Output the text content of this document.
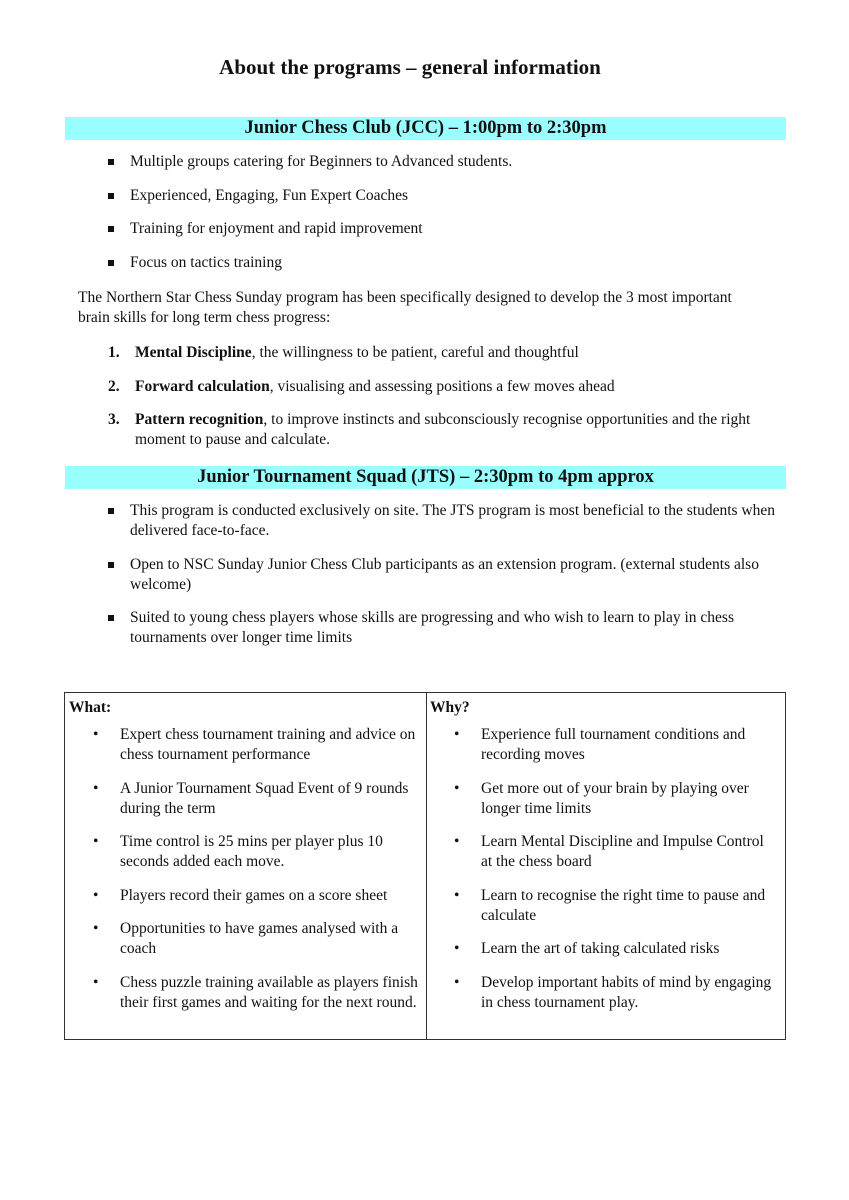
About the programs – general information
Junior Chess Club (JCC) – 1:00pm to 2:30pm
Multiple groups catering for Beginners to Advanced students.
Experienced, Engaging, Fun Expert Coaches
Training for enjoyment and rapid improvement
Focus on tactics training
The Northern Star Chess Sunday program has been specifically designed to develop the 3 most important brain skills for long term chess progress:
1. Mental Discipline, the willingness to be patient, careful and thoughtful
2. Forward calculation, visualising and assessing positions a few moves ahead
3. Pattern recognition, to improve instincts and subconsciously recognise opportunities and the right moment to pause and calculate.
Junior Tournament Squad (JTS) – 2:30pm to 4pm approx
This program is conducted exclusively on site. The JTS program is most beneficial to the students when delivered face-to-face.
Open to NSC Sunday Junior Chess Club participants as an extension program. (external students also welcome)
Suited to young chess players whose skills are progressing and who wish to learn to play in chess tournaments over longer time limits
What:
• Expert chess tournament training and advice on chess tournament performance
• A Junior Tournament Squad Event of 9 rounds during the term
• Time control is 25 mins per player plus 10 seconds added each move.
• Players record their games on a score sheet
• Opportunities to have games analysed with a coach
• Chess puzzle training available as players finish their first games and waiting for the next round.
Why?
• Experience full tournament conditions and recording moves
• Get more out of your brain by playing over longer time limits
• Learn Mental Discipline and Impulse Control at the chess board
• Learn to recognise the right time to pause and calculate
• Learn the art of taking calculated risks
• Develop important habits of mind by engaging in chess tournament play.
